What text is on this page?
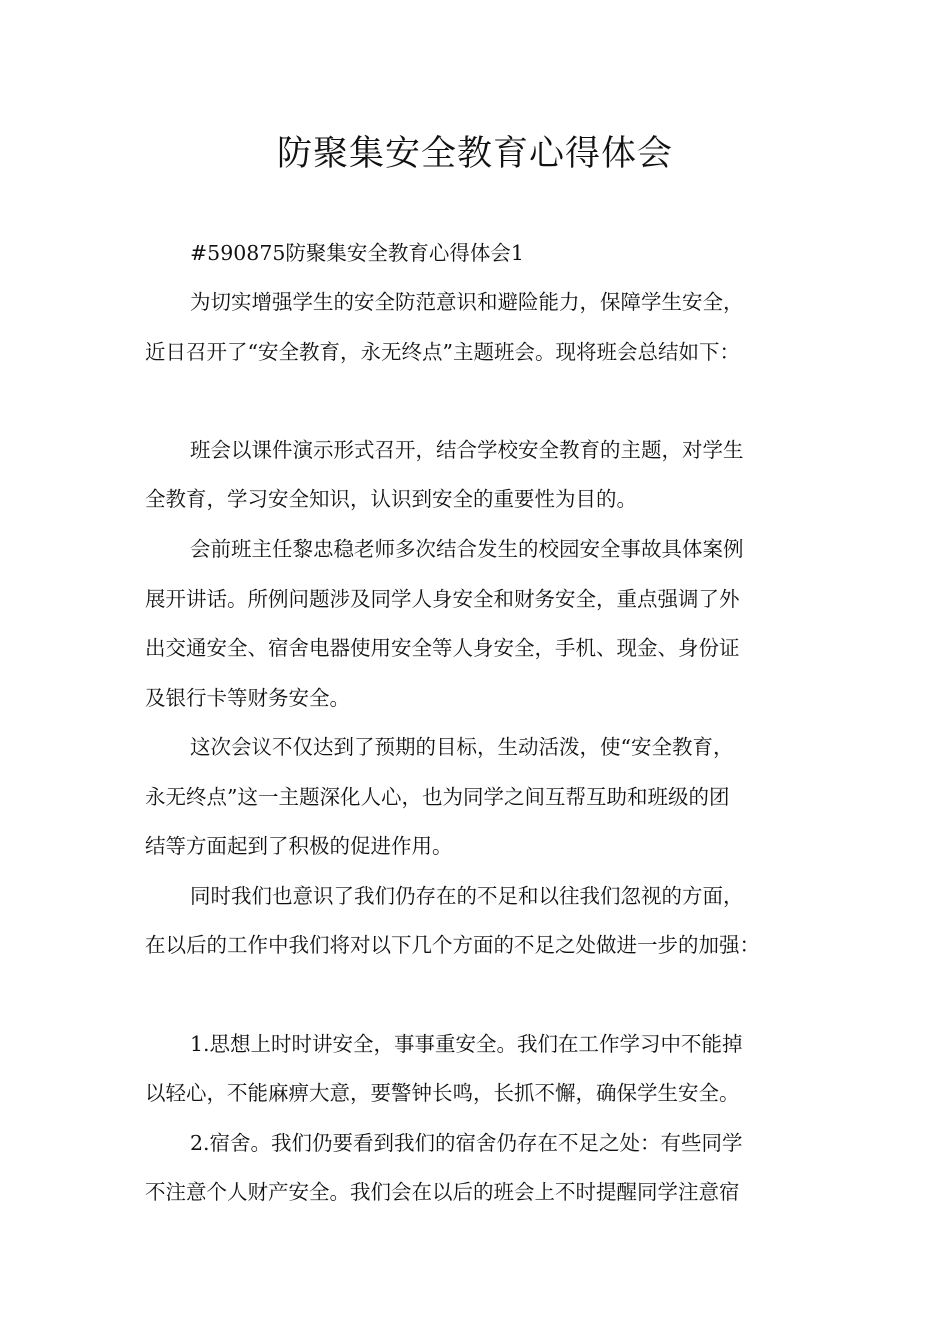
防聚集安全教育心得体会
#590875防聚集安全教育心得体会1
为切实增强学生的安全防范意识和避险能力，保障学生安全，
近日召开了“安全教育，永无终点”主题班会。现将班会总结如下：
班会以课件演示形式召开，结合学校安全教育的主题，对学生
全教育，学习安全知识，认识到安全的重要性为目的。
会前班主任黎忠稳老师多次结合发生的校园安全事故具体案例
展开讲话。所例问题涉及同学人身安全和财务安全，重点强调了外
出交通安全、宿舍电器使用安全等人身安全，手机、现金、身份证
及银行卡等财务安全。
这次会议不仅达到了预期的目标，生动活泼，使“安全教育，
永无终点”这一主题深化人心，也为同学之间互帮互助和班级的团
结等方面起到了积极的促进作用。
同时我们也意识了我们仍存在的不足和以往我们忽视的方面，
在以后的工作中我们将对以下几个方面的不足之处做进一步的加强：
1.思想上时时讲安全，事事重安全。我们在工作学习中不能掉
以轻心，不能麻痹大意，要警钟长鸣，长抓不懈，确保学生安全。
2.宿舍。我们仍要看到我们的宿舍仍存在不足之处：有些同学
不注意个人财产安全。我们会在以后的班会上不时提醒同学注意宿
